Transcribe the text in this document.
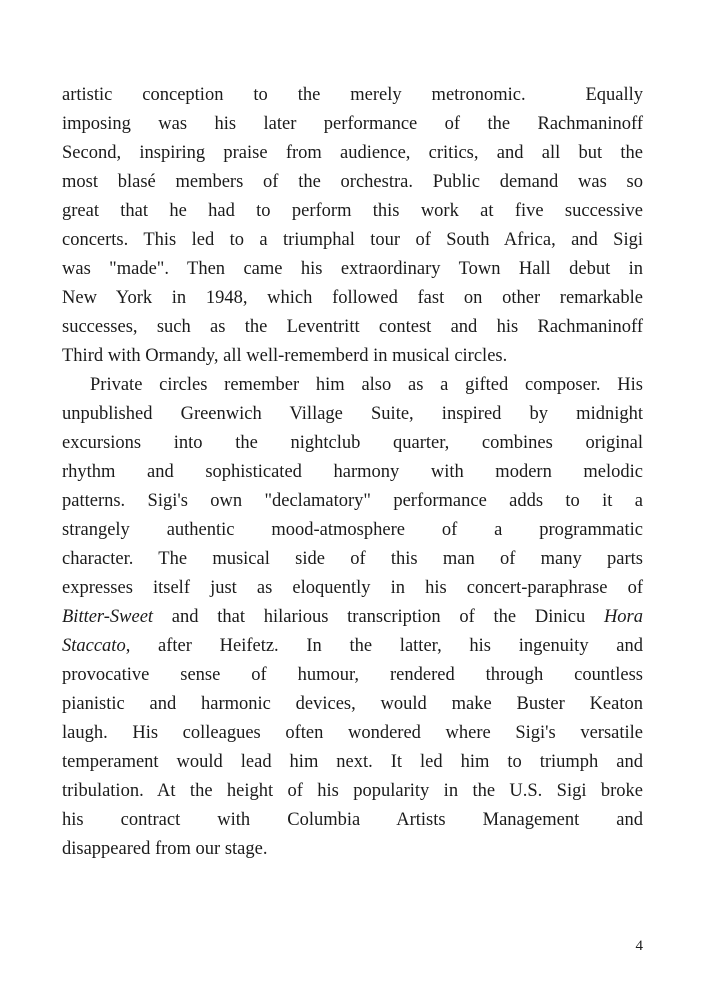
artistic conception to the merely metronomic.  Equally
imposing was his later performance of the Rachmaninoff
Second, inspiring praise from audience, critics, and all but the
most blasé members of the orchestra. Public demand was so
great that he had to perform this work at five successive
concerts. This led to a triumphal tour of South Africa, and Sigi
was "made". Then came his extraordinary Town Hall debut in
New York in 1948, which followed fast on other remarkable
successes, such as the Leventritt contest and his Rachmaninoff
Third with Ormandy, all well-rememberd in musical circles.
Private circles remember him also as a gifted composer. His
unpublished Greenwich Village Suite, inspired by midnight
excursions into the nightclub quarter, combines original
rhythm and sophisticated harmony with modern melodic
patterns. Sigi's own "declamatory" performance adds to it a
strangely authentic mood-atmosphere of a programmatic
character. The musical side of this man of many parts
expresses itself just as eloquently in his concert-paraphrase of
Bitter-Sweet and that hilarious transcription of the Dinicu Hora
Staccato, after Heifetz. In the latter, his ingenuity and
provocative sense of humour, rendered through countless
pianistic and harmonic devices, would make Buster Keaton
laugh. His colleagues often wondered where Sigi's versatile
temperament would lead him next. It led him to triumph and
tribulation. At the height of his popularity in the U.S. Sigi broke
his contract with Columbia Artists Management and
disappeared from our stage.
4
